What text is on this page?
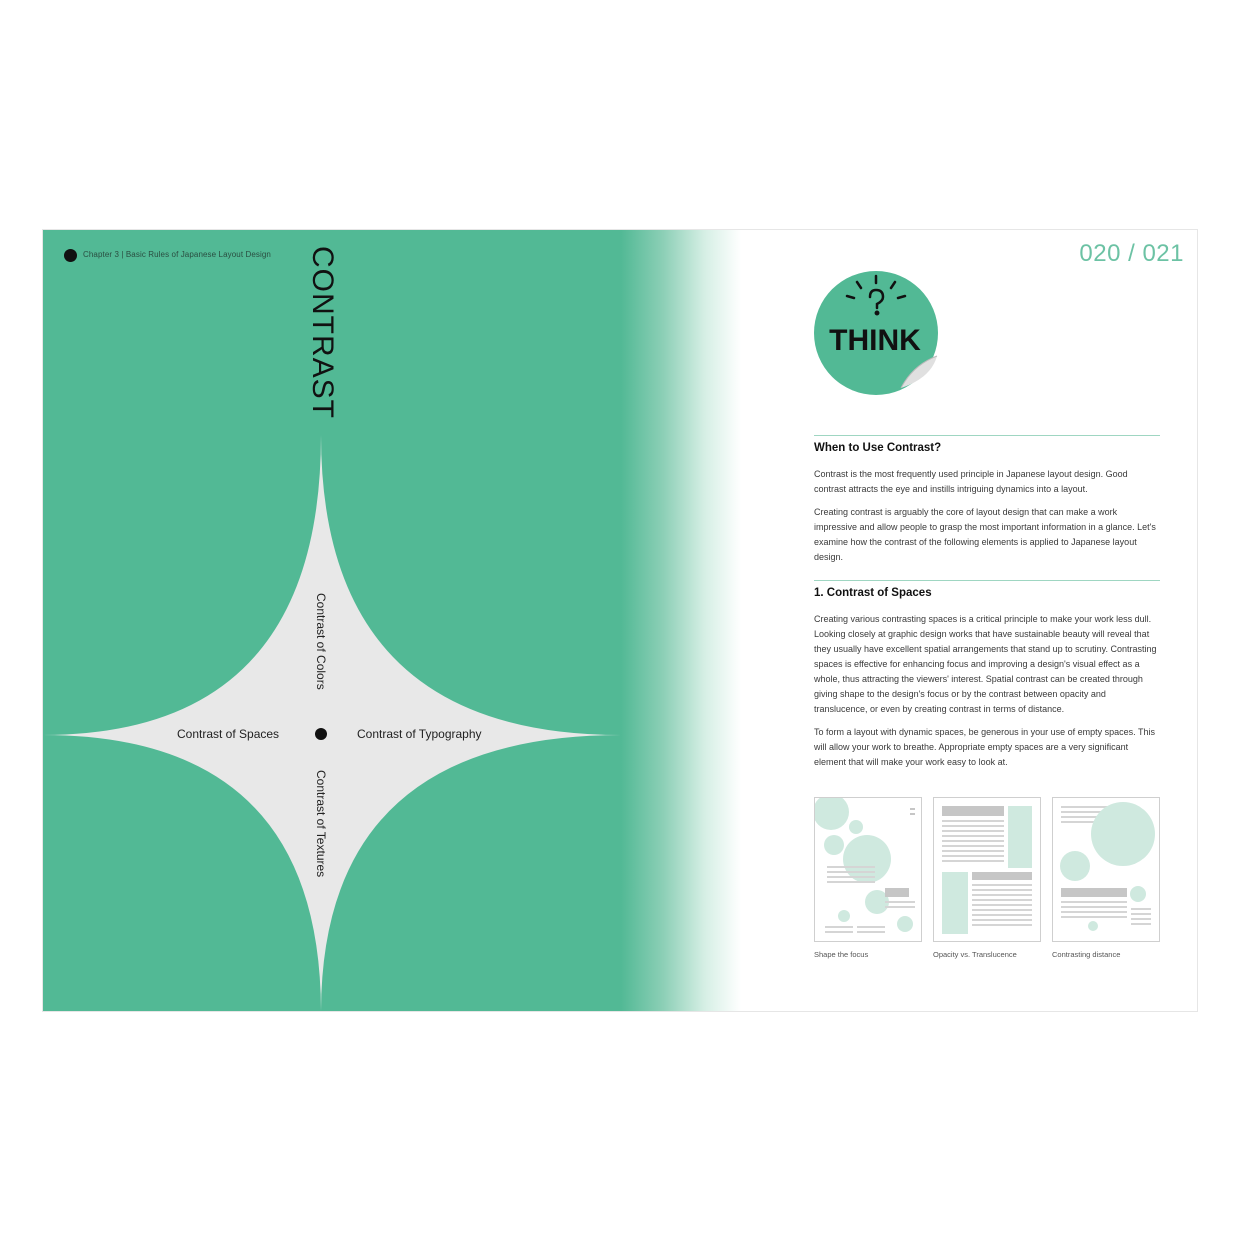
Chapter 3 | Basic Rules of Japanese Layout Design CONTRAST
Contrast of Colors
Contrast of Spaces	Contrast of Typography
Contrast of Textures
020 / 021
THINK
When to Use Contrast?

Contrast is the most frequently used principle in Japanese layout design. Good contrast attracts the eye and instills intriguing dynamics into a layout.

Creating contrast is arguably the core of layout design that can make a work impressive and allow people to grasp the most important information in a glance. Let's examine how the contrast of the following elements is applied to Japanese layout design.

1. Contrast of Spaces

Creating various contrasting spaces is a critical principle to make your work less dull. Looking closely at graphic design works that have sustainable beauty will reveal that they usually have excellent spatial arrangements that stand up to scrutiny. Contrasting spaces is effective for enhancing focus and improving a design's visual effect as a whole, thus attracting the viewers' interest. Spatial contrast can be created through giving shape to the design's focus or by the contrast between opacity and translucence, or even by creating contrast in terms of distance.

To form a layout with dynamic spaces, be generous in your use of empty spaces. This will allow your work to breathe. Appropriate empty spaces are a very significant element that will make your work easy to look at.

Shape the focus	Opacity vs. Translucence	Contrasting distance
